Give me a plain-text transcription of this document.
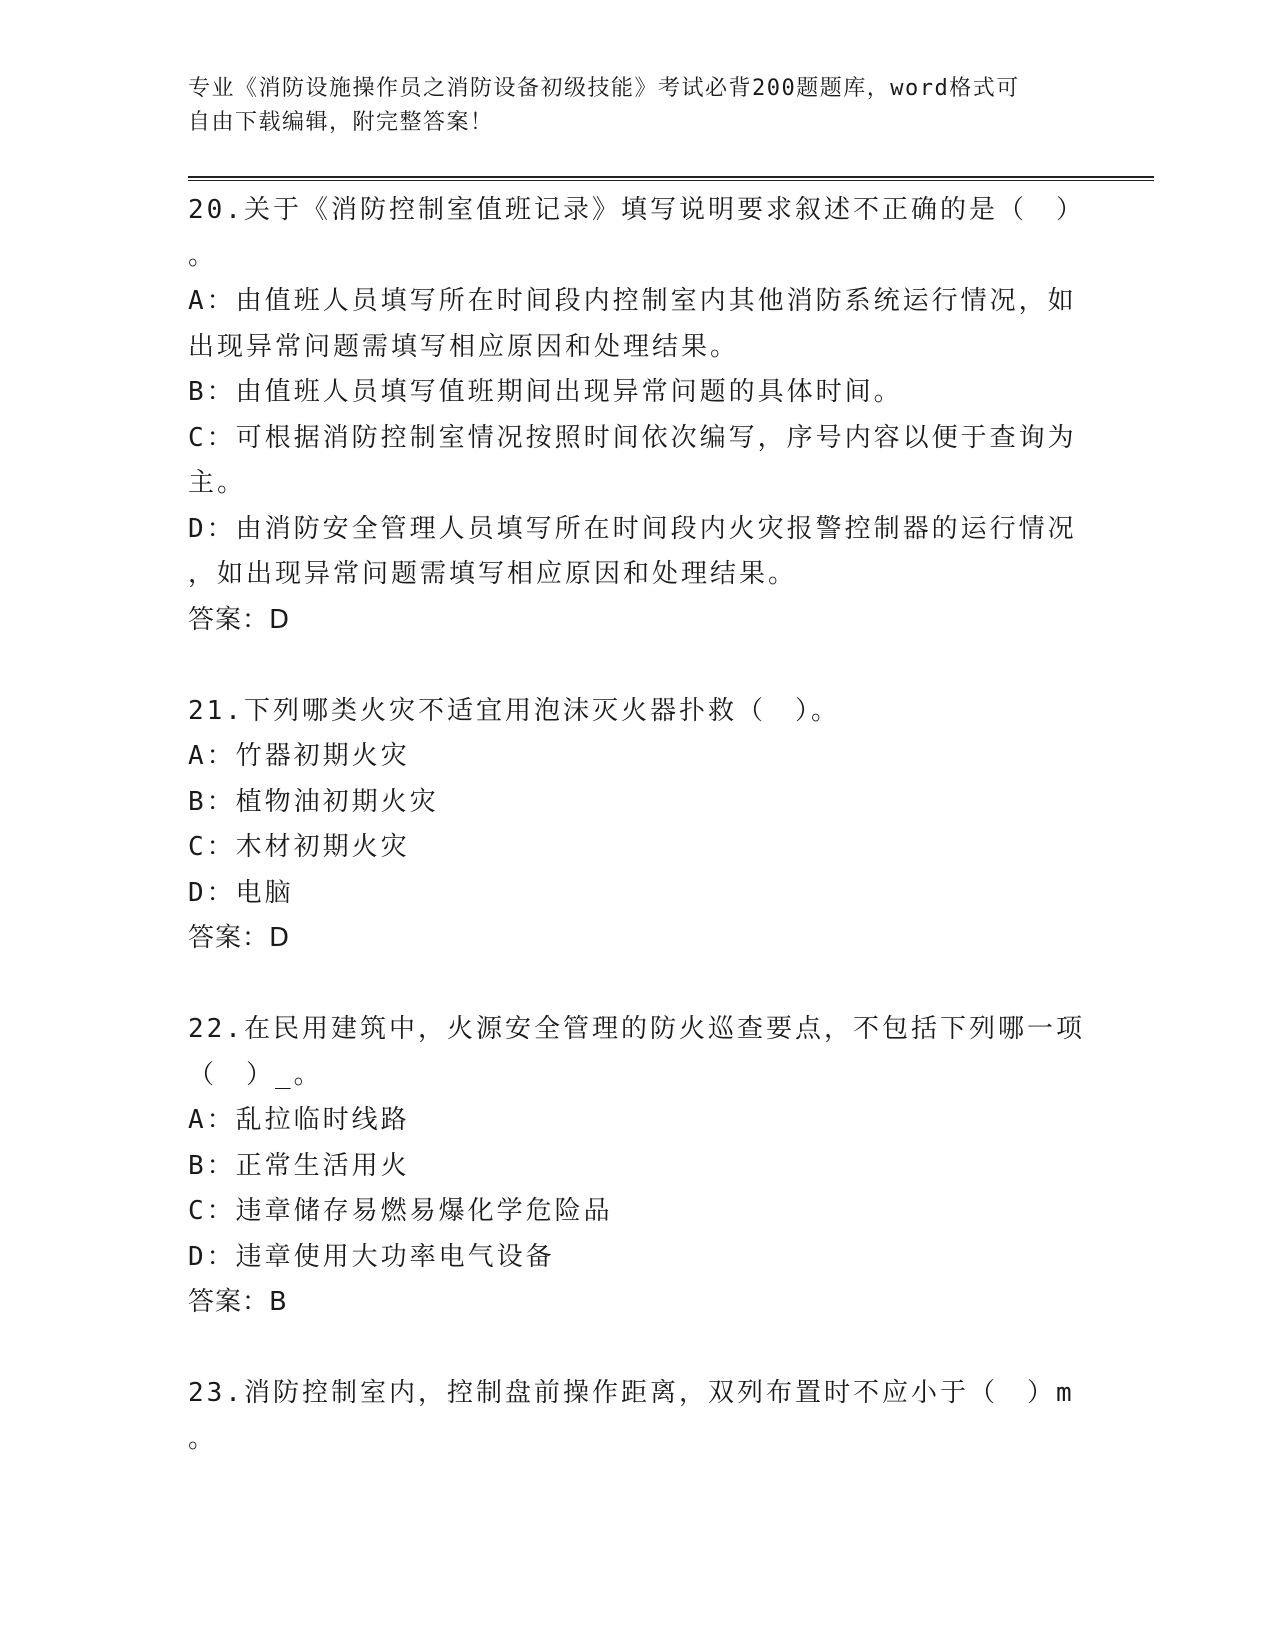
专业《消防设施操作员之消防设备初级技能》考试必背200题题库，word格式可
自由下载编辑，附完整答案！
20.关于《消防控制室值班记录》填写说明要求叙述不正确的是（　）
。
A：由值班人员填写所在时间段内控制室内其他消防系统运行情况，如
出现异常问题需填写相应原因和处理结果。
B：由值班人员填写值班期间出现异常问题的具体时间。
C：可根据消防控制室情况按照时间依次编写，序号内容以便于查询为
主。
D：由消防安全管理人员填写所在时间段内火灾报警控制器的运行情况
，如出现异常问题需填写相应原因和处理结果。
答案：D
21.下列哪类火灾不适宜用泡沫灭火器扑救（　）。
A：竹器初期火灾
B：植物油初期火灾
C：木材初期火灾
D：电脑
答案：D
22.在民用建筑中，火源安全管理的防火巡查要点，不包括下列哪一项
（　）_。
A：乱拉临时线路
B：正常生活用火
C：违章储存易燃易爆化学危险品
D：违章使用大功率电气设备
答案：B
23.消防控制室内，控制盘前操作距离，双列布置时不应小于（　）m
。
